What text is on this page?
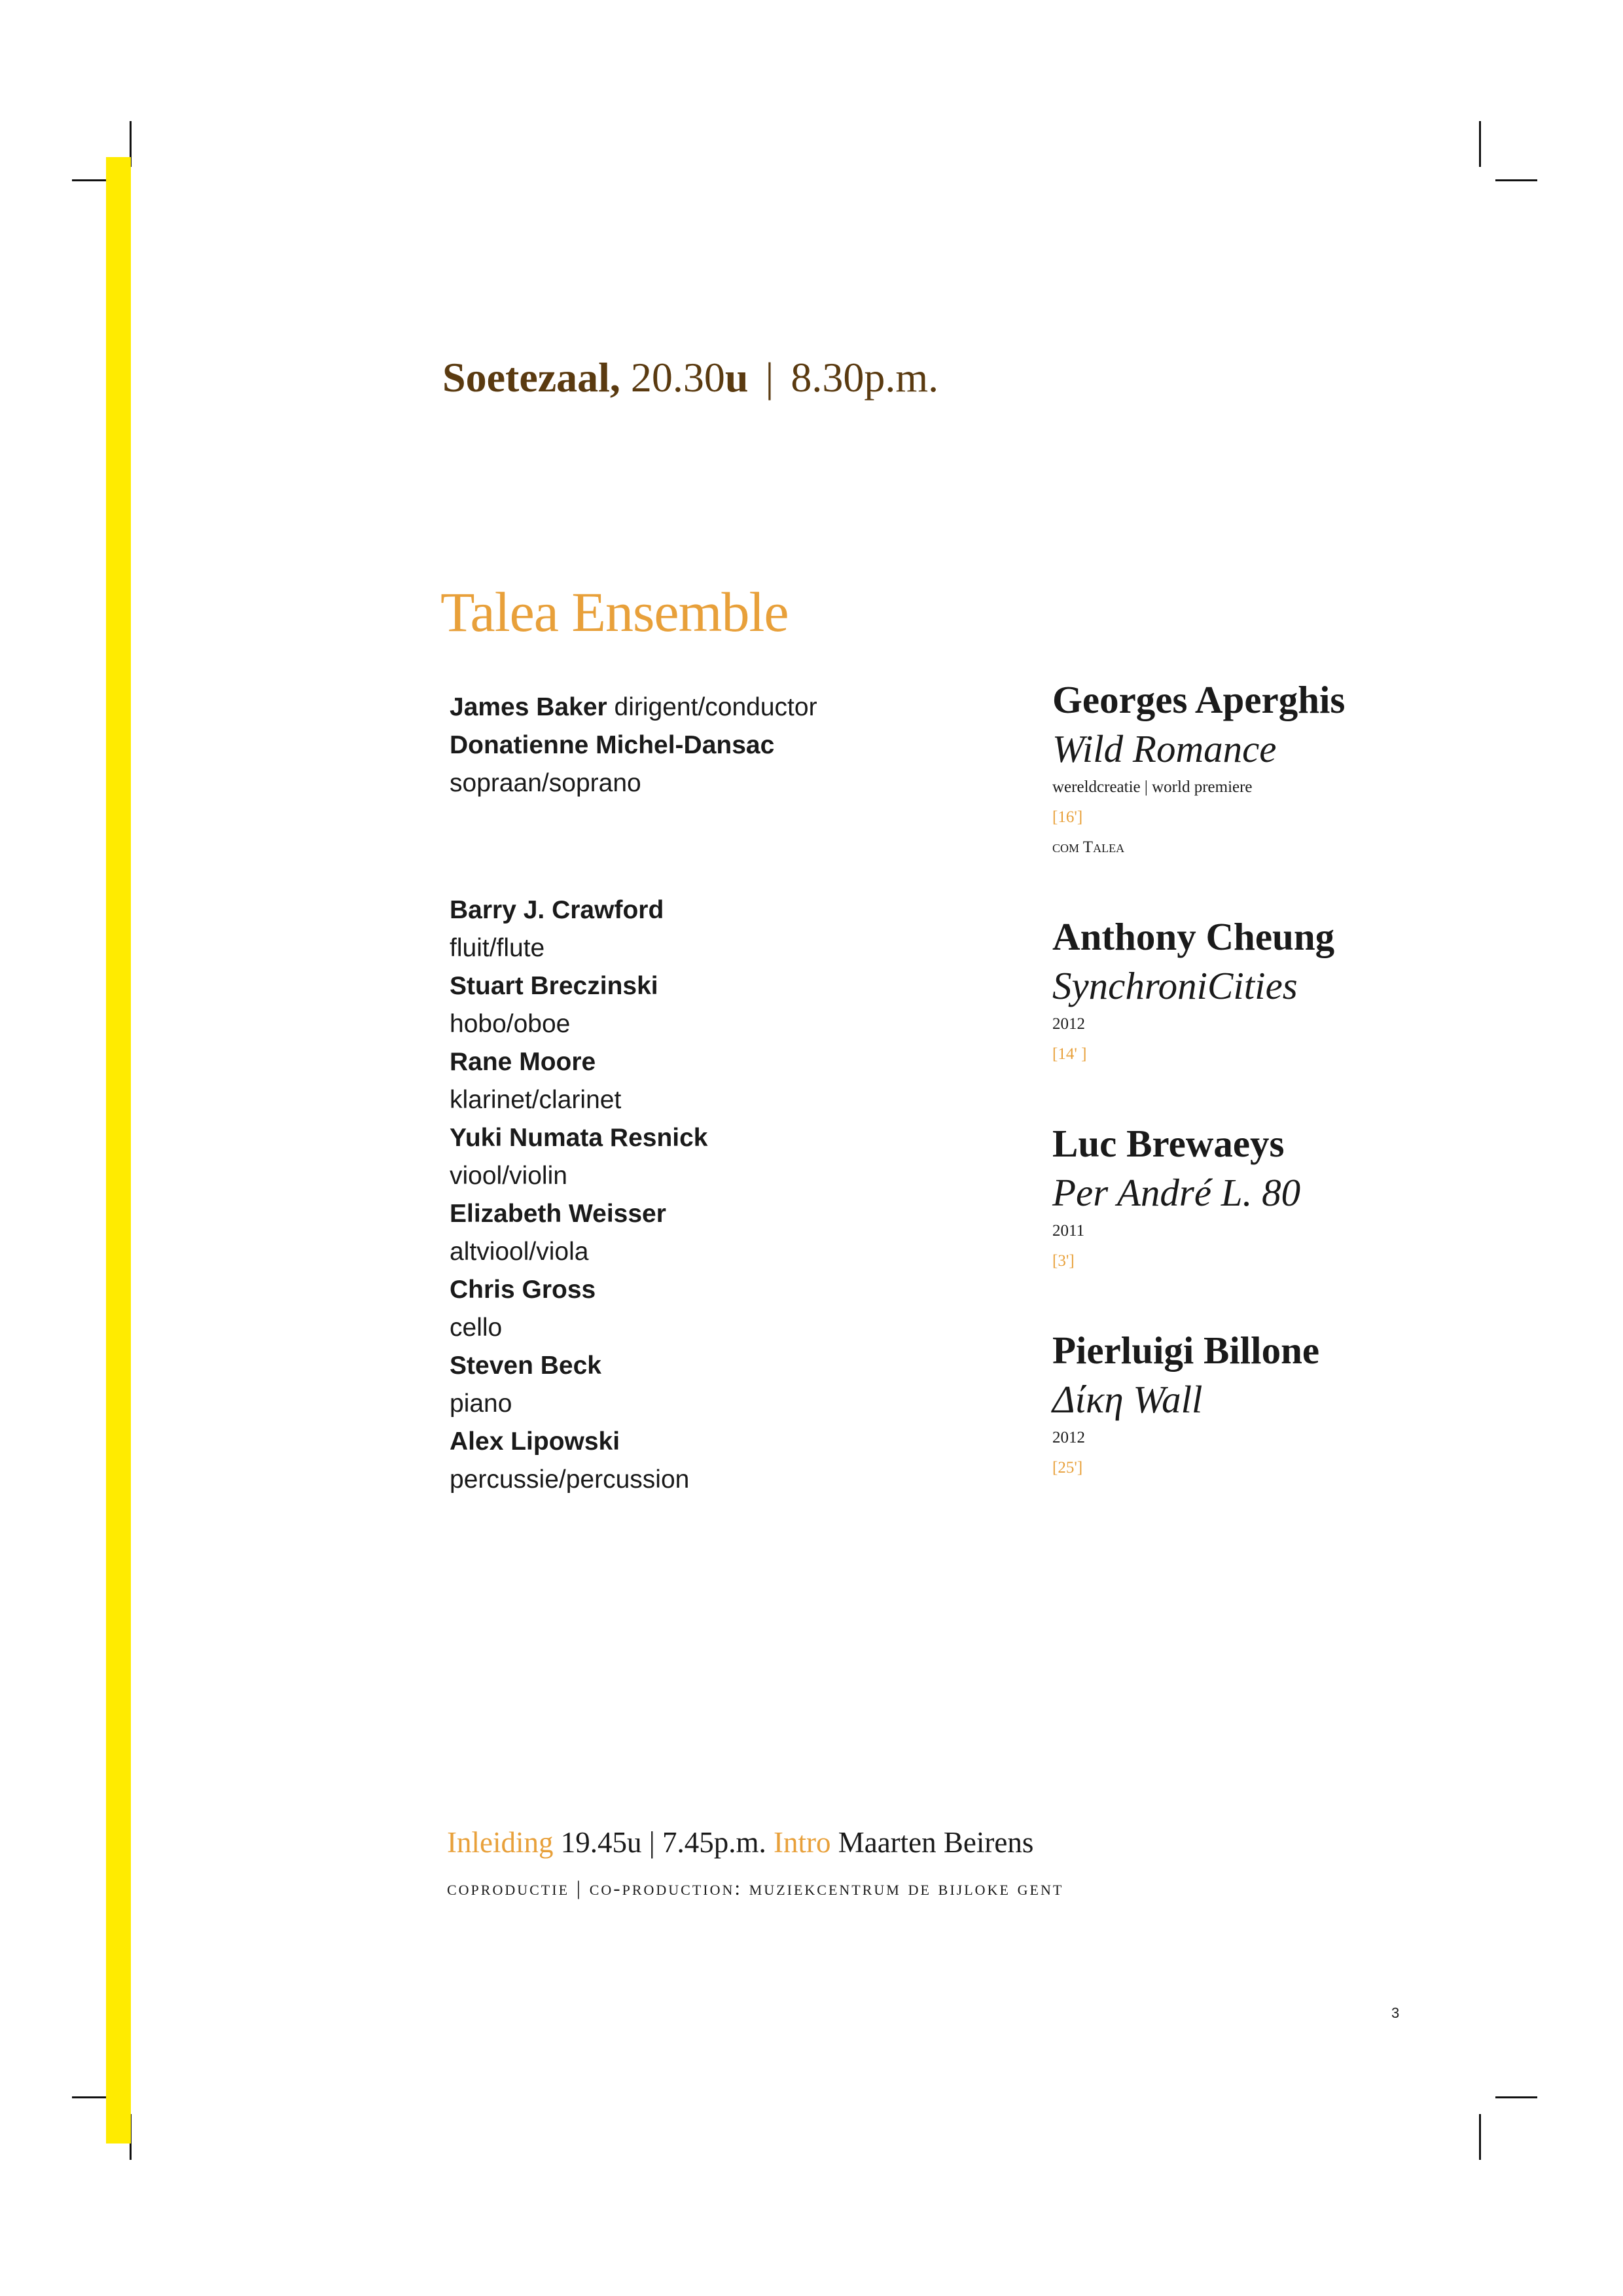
Soetezaal, 20.30u | 8.30p.m.
Talea Ensemble
James Baker dirigent/conductor
Donatienne Michel-Dansac
sopraan/soprano
Barry J. Crawford
fluit/flute
Stuart Breczinski
hobo/oboe
Rane Moore
klarinet/clarinet
Yuki Numata Resnick
viool/violin
Elizabeth Weisser
altviool/viola
Chris Gross
cello
Steven Beck
piano
Alex Lipowski
percussie/percussion
Georges Aperghis
Wild Romance
wereldcreatie | world premiere
[16']
com Talea
Anthony Cheung
SynchroniCities
2012
[14' ]
Luc Brewaeys
Per André L. 80
2011
[3']
Pierluigi Billone
Δίκη Wall
2012
[25']
Inleiding 19.45u | 7.45p.m. Intro Maarten Beirens
coproductie | co-production: muziekcentrum de bijloke gent
3
